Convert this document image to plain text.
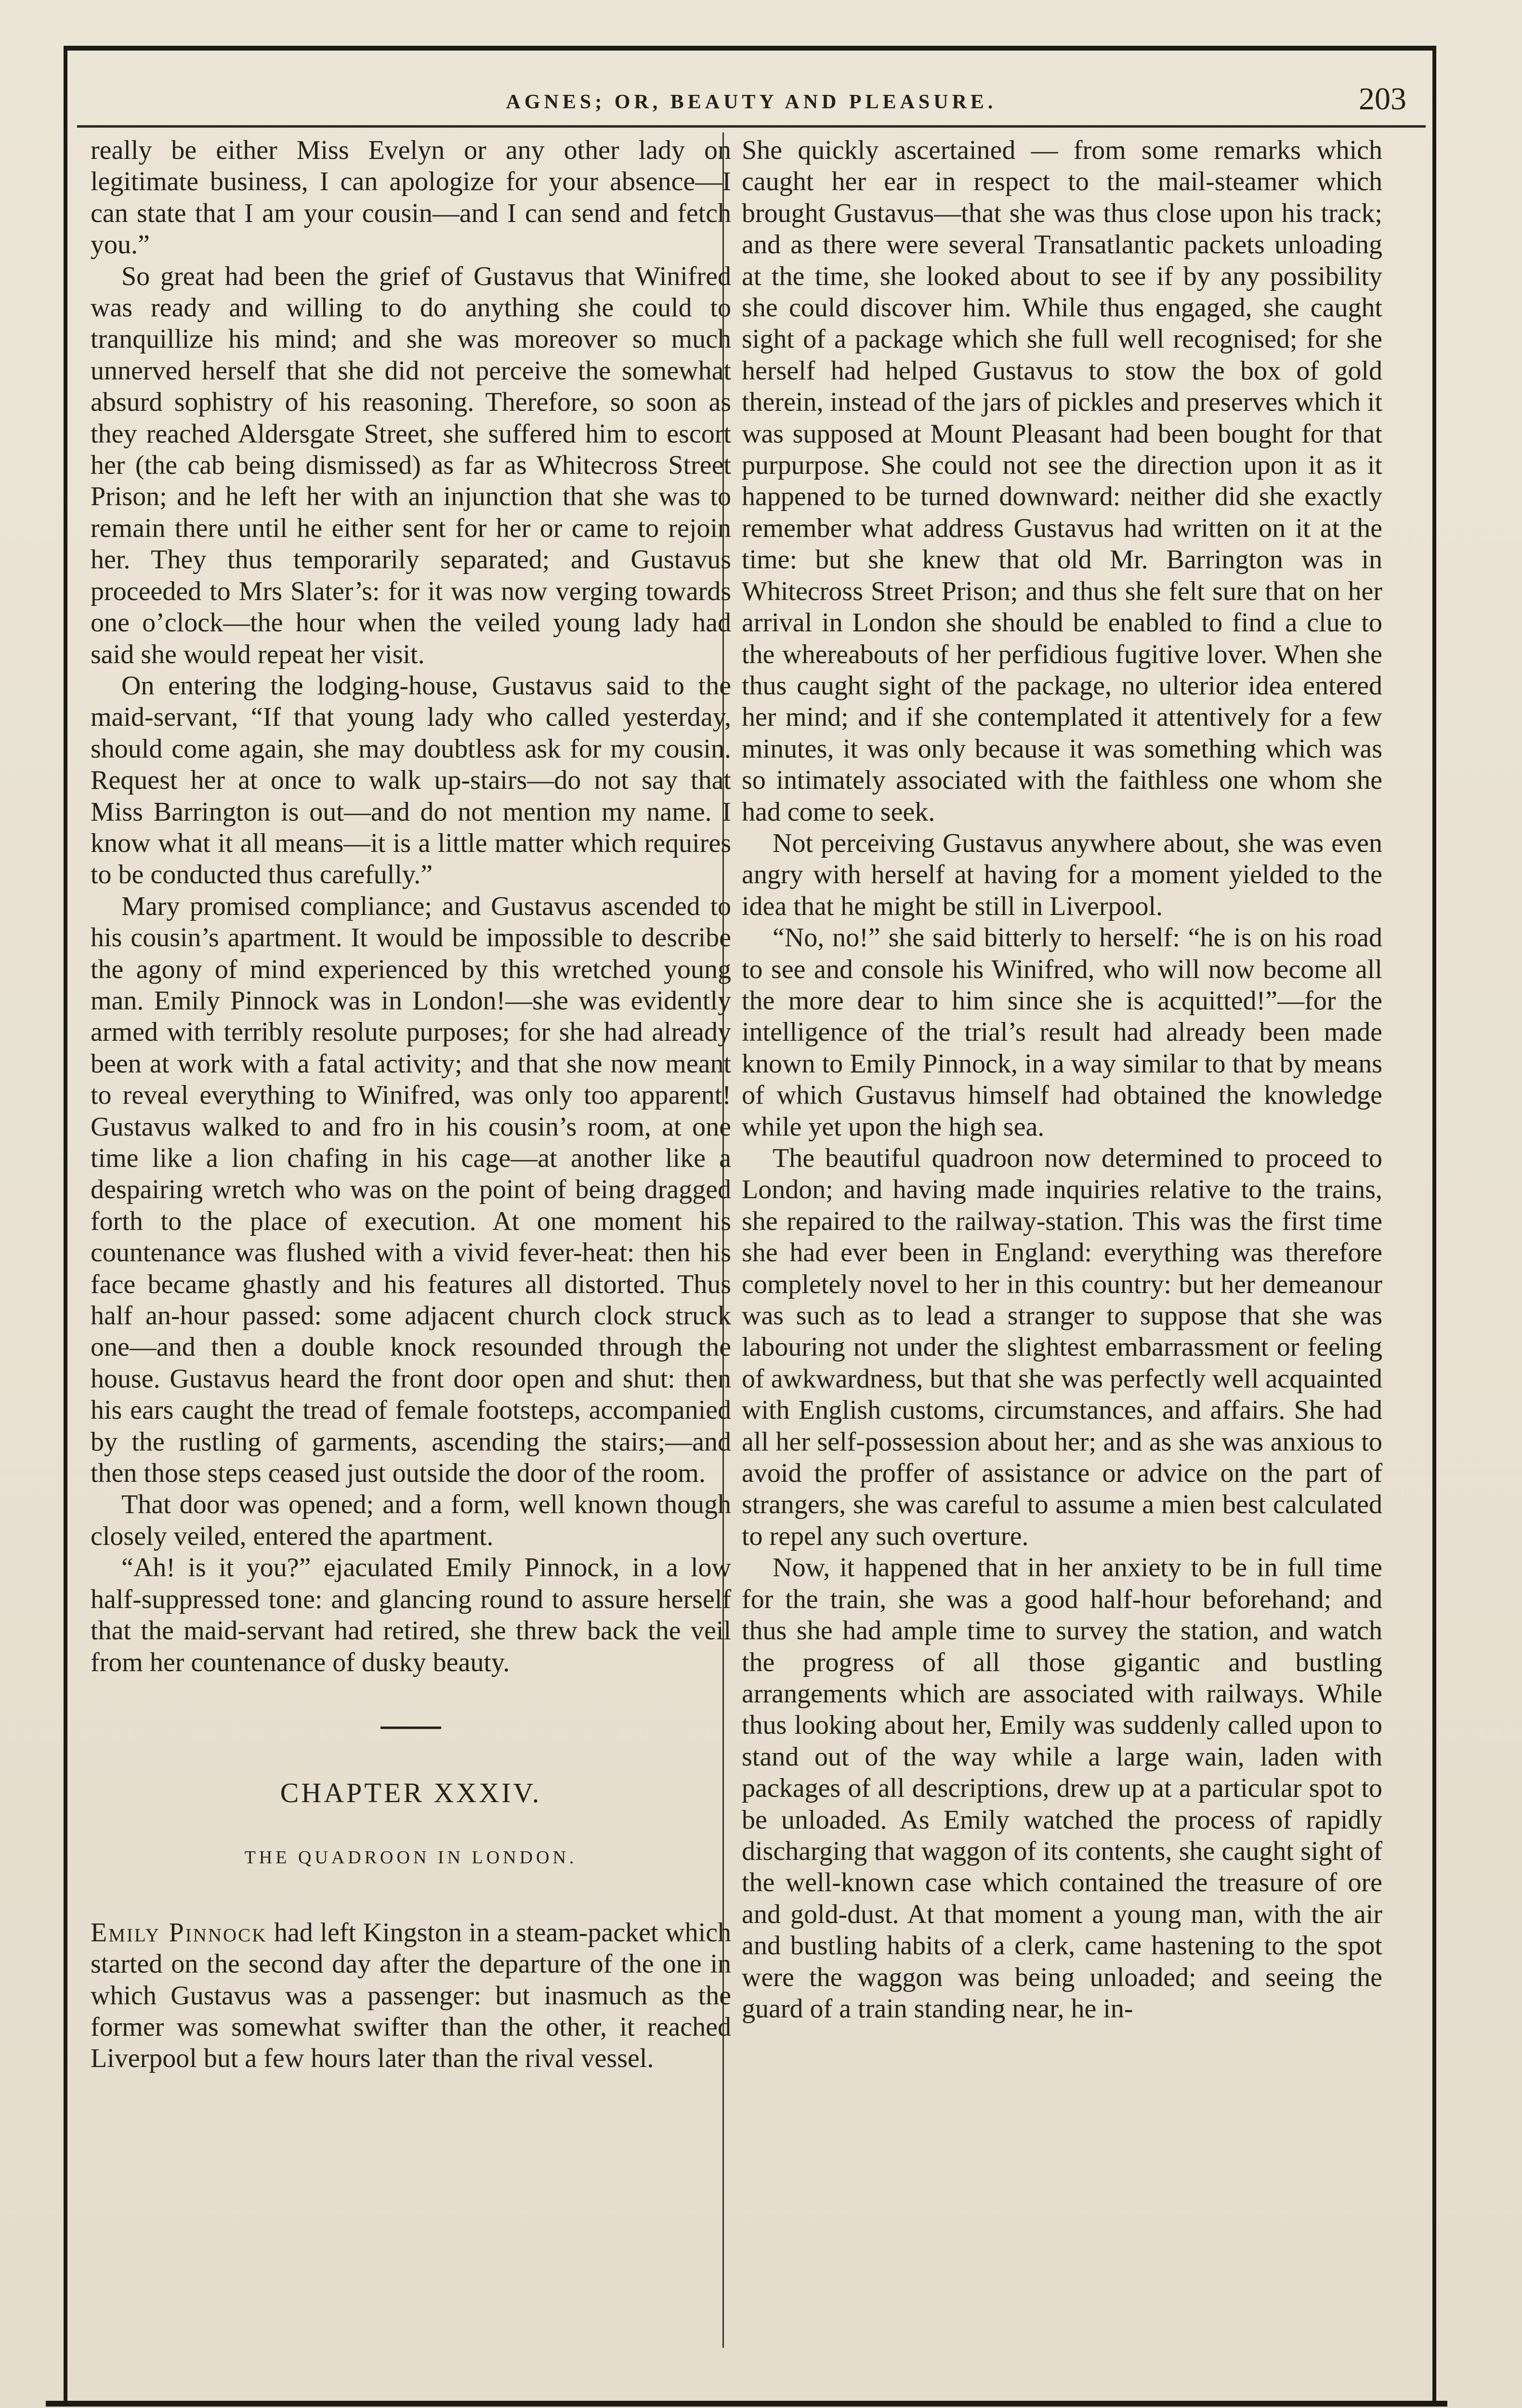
AGNES; OR, BEAUTY AND PLEASURE.	203

really be either Miss Evelyn or any other lady on legitimate business, I can apologize for your absence—I can state that I am your cousin—and I can send and fetch you.”

So great had been the grief of Gustavus that Winifred was ready and willing to do anything she could to tranquillize his mind; and she was moreover so much unnerved herself that she did not perceive the somewhat absurd sophistry of his reasoning. Therefore, so soon as they reached Aldersgate Street, she suffered him to escort her (the cab being dismissed) as far as Whitecross Street Prison; and he left her with an injunction that she was to remain there until he either sent for her or came to rejoin her. They thus temporarily separated; and Gustavus proceeded to Mrs Slater’s: for it was now verging towards one o’clock—the hour when the veiled young lady had said she would repeat her visit.

On entering the lodging-house, Gustavus said to the maid-servant, “If that young lady who called yesterday, should come again, she may doubtless ask for my cousin. Request her at once to walk up-stairs—do not say that Miss Barrington is out—and do not mention my name. I know what it all means—it is a little matter which requires to be conducted thus carefully.”

Mary promised compliance; and Gustavus ascended to his cousin’s apartment. It would be impossible to describe the agony of mind experienced by this wretched young man. Emily Pinnock was in London!—she was evidently armed with terribly resolute purposes; for she had already been at work with a fatal activity; and that she now meant to reveal everything to Winifred, was only too apparent! Gustavus walked to and fro in his cousin’s room, at one time like a lion chafing in his cage—at another like a despairing wretch who was on the point of being dragged forth to the place of execution. At one moment his countenance was flushed with a vivid fever-heat: then his face became ghastly and his features all distorted. Thus half an-hour passed: some adjacent church clock struck one—and then a double knock resounded through the house. Gustavus heard the front door open and shut: then his ears caught the tread of female footsteps, accompanied by the rustling of garments, ascending the stairs;—and then those steps ceased just outside the door of the room.

That door was opened; and a form, well known though closely veiled, entered the apartment.

“Ah! is it you?” ejaculated Emily Pinnock, in a low half-suppressed tone: and glancing round to assure herself that the maid-servant had retired, she threw back the veil from her countenance of dusky beauty.

CHAPTER XXXIV.
THE QUADROON IN LONDON.

Emily Pinnock had left Kingston in a steam-packet which started on the second day after the departure of the one in which Gustavus was a passenger: but inasmuch as the former was somewhat swifter than the other, it reached Liverpool but a few hours later than the rival vessel.

She quickly ascertained — from some remarks which caught her ear in respect to the mail-steamer which brought Gustavus—that she was thus close upon his track; and as there were several Transatlantic packets unloading at the time, she looked about to see if by any possibility she could discover him. While thus engaged, she caught sight of a package which she full well recognised; for she herself had helped Gustavus to stow the box of gold therein, instead of the jars of pickles and preserves which it was supposed at Mount Pleasant had been bought for that purpurpose. She could not see the direction upon it as it happened to be turned downward: neither did she exactly remember what address Gustavus had written on it at the time: but she knew that old Mr. Barrington was in Whitecross Street Prison; and thus she felt sure that on her arrival in London she should be enabled to find a clue to the whereabouts of her perfidious fugitive lover. When she thus caught sight of the package, no ulterior idea entered her mind; and if she contemplated it attentively for a few minutes, it was only because it was something which was so intimately associated with the faithless one whom she had come to seek.

Not perceiving Gustavus anywhere about, she was even angry with herself at having for a moment yielded to the idea that he might be still in Liverpool.

“No, no!” she said bitterly to herself: “he is on his road to see and console his Winifred, who will now become all the more dear to him since she is acquitted!”—for the intelligence of the trial’s result had already been made known to Emily Pinnock, in a way similar to that by means of which Gustavus himself had obtained the knowledge while yet upon the high sea.

The beautiful quadroon now determined to proceed to London; and having made inquiries relative to the trains, she repaired to the railway-station. This was the first time she had ever been in England: everything was therefore completely novel to her in this country: but her demeanour was such as to lead a stranger to suppose that she was labouring not under the slightest embarrassment or feeling of awkwardness, but that she was perfectly well acquainted with English customs, circumstances, and affairs. She had all her self-possession about her; and as she was anxious to avoid the proffer of assistance or advice on the part of strangers, she was careful to assume a mien best calculated to repel any such overture.

Now, it happened that in her anxiety to be in full time for the train, she was a good half-hour beforehand; and thus she had ample time to survey the station, and watch the progress of all those gigantic and bustling arrangements which are associated with railways. While thus looking about her, Emily was suddenly called upon to stand out of the way while a large wain, laden with packages of all descriptions, drew up at a particular spot to be unloaded. As Emily watched the process of rapidly discharging that waggon of its contents, she caught sight of the well-known case which contained the treasure of ore and gold-dust. At that moment a young man, with the air and bustling habits of a clerk, came hastening to the spot were the waggon was being unloaded; and seeing the guard of a train standing near, he in-
